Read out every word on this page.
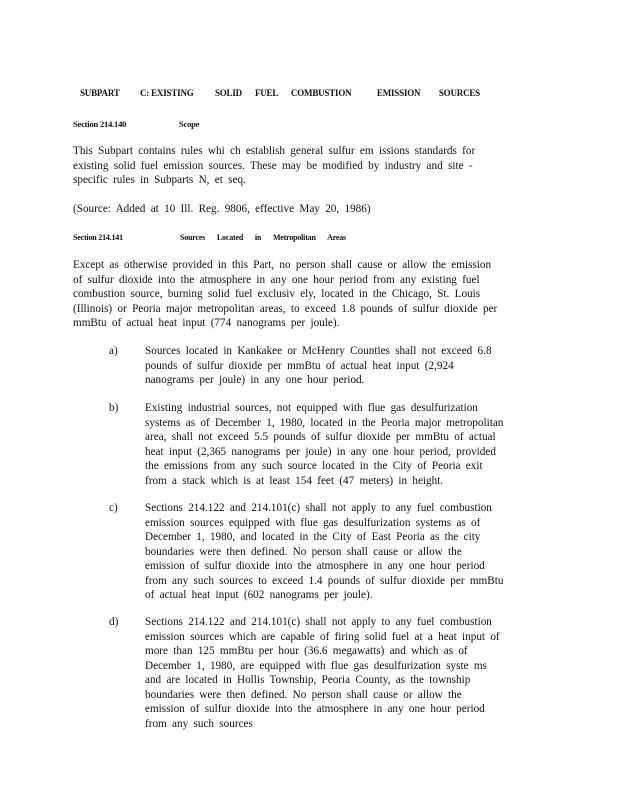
SUBPART	C: EXISTING	SOLID	FUEL	COMBUSTION	EMISSION	SOURCES
Section 214.140	Scope
This Subpart contains rules whi ch establish general sulfur em issions standards for existing solid fuel emission sources. These may be modified by industry and site -specific rules in Subparts N, et seq.
(Source: Added at 10 Ill. Reg. 9806, effective May 20, 1986)
Section 214.141	Sources Located in Metropolitan Areas
Except as otherwise provided in this Part, no person shall cause or allow the emission of sulfur dioxide into the atmosphere in any one hour period from any existing fuel combustion source, burning solid fuel exclusiv ely, located in the Chicago, St. Louis (Illinois) or Peoria major metropolitan areas, to exceed 1.8 pounds of sulfur dioxide per mmBtu of actual heat input (774 nanograms per joule).
a) Sources located in Kankakee or McHenry Counties shall not exceed 6.8 pounds of sulfur dioxide per mmBtu of actual heat input (2,924 nanograms per joule) in any one hour period.
b) Existing industrial sources, not equipped with flue gas desulfurization systems as of December 1, 1980, located in the Peoria major metropolitan area, shall not exceed 5.5 pounds of sulfur dioxide per mmBtu of actual heat input (2,365 nanograms per joule) in any one hour period, provided the emissions from any such source located in the City of Peoria exit from a stack which is at least 154 feet (47 meters) in height.
c) Sections 214.122 and 214.101(c) shall not apply to any fuel combustion emission sources equipped with flue gas desulfurization systems as of December 1, 1980, and located in the City of East Peoria as the city boundaries were then defined. No person shall cause or allow the emission of sulfur dioxide into the atmosphere in any one hour period from any such sources to exceed 1.4 pounds of sulfur dioxide per mmBtu of actual heat input (602 nanograms per joule).
d) Sections 214.122 and 214.101(c) shall not apply to any fuel combustion emission sources which are capable of firing solid fuel at a heat input of more than 125 mmBtu per hour (36.6 megawatts) and which as of December 1, 1980, are equipped with flue gas desulfurization syste ms and are located in Hollis Township, Peoria County, as the township boundaries were then defined. No person shall cause or allow the emission of sulfur dioxide into the atmosphere in any one hour period from any such sources
